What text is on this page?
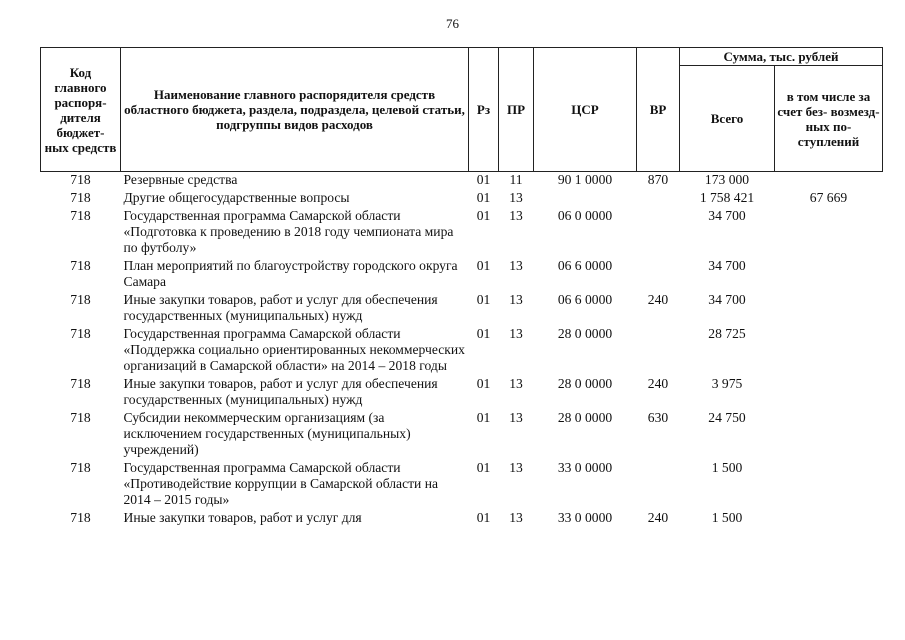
76
Код главного распоря- дителя бюджет- ных средств	Наименование главного распорядителя средств областного бюджета, раздела, подраздела, целевой статьи, подгруппы видов расходов	Рз	ПР	ЦСР	ВР	Сумма, тыс. рублей	
						Всего	в том числе за счет без- возмезд- ных по- ступлений
718	Резервные средства	01	11	90 1 0000	870	173 000	
718	Другие общегосударственные вопросы	01	13			1 758 421	67 669
718	Государственная программа Самарской области «Подготовка к проведению в 2018 году чемпионата мира по футболу»	01	13	06 0 0000		34 700	
718	План мероприятий по благоустройству городского округа Самара	01	13	06 6 0000		34 700	
718	Иные закупки товаров, работ и услуг для обеспечения государственных (муниципальных) нужд	01	13	06 6 0000	240	34 700	
718	Государственная программа Самарской области «Поддержка социально ориентированных некоммерческих организаций в Самарской области» на 2014 – 2018 годы	01	13	28 0 0000		28 725	
718	Иные закупки товаров, работ и услуг для обеспечения государственных (муниципальных) нужд	01	13	28 0 0000	240	3 975	
718	Субсидии некоммерческим организациям (за исключением государственных (муниципальных) учреждений)	01	13	28 0 0000	630	24 750	
718	Государственная программа Самарской области «Противодействие коррупции в Самарской области на 2014 – 2015 годы»	01	13	33 0 0000		1 500	
718	Иные закупки товаров, работ и услуг для	01	13	33 0 0000	240	1 500	
